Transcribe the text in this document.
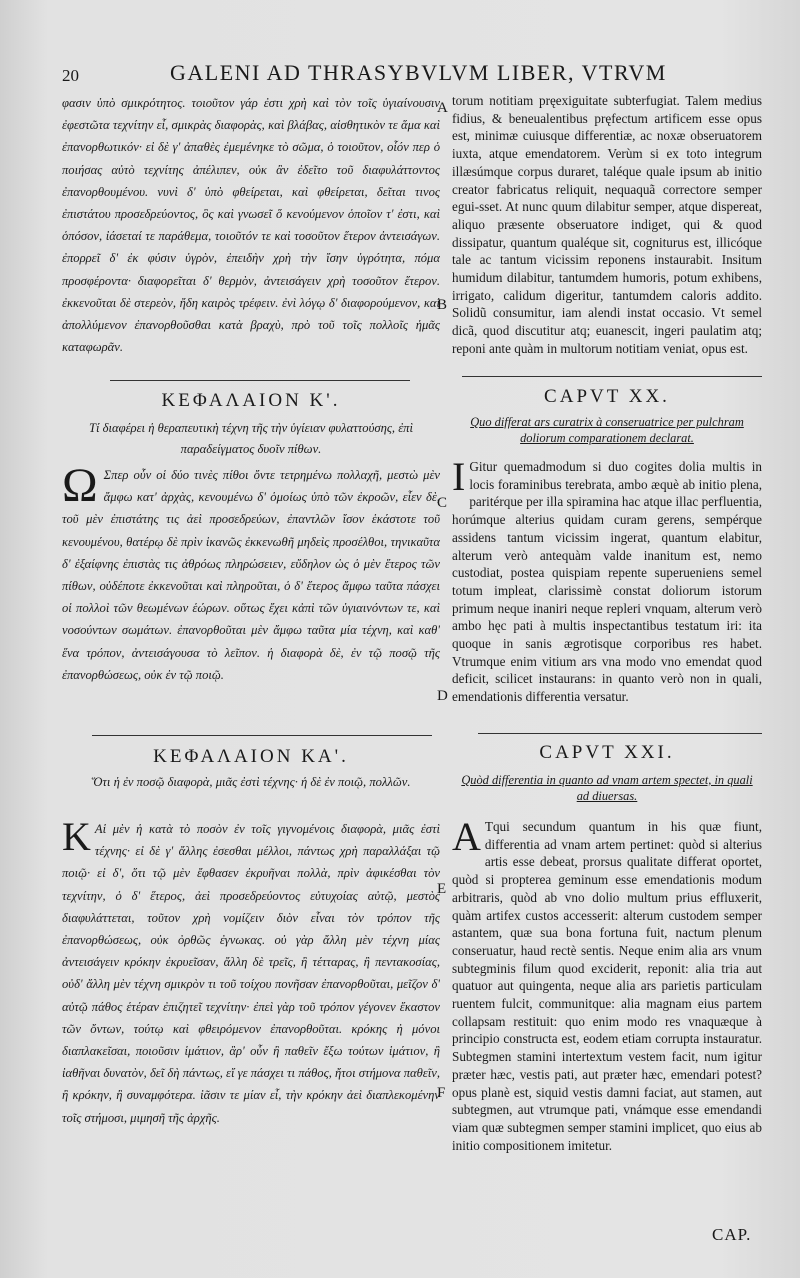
20	GALENI AD THRASYBVLVM LIBER, VTRVM
A
B
C
D
E
F

φασιν ὑπὸ σμικρότητος. τοιοῦτον γάρ ἐστι χρὴ καὶ τὸν τοῖς ὑγιαίνουσιν ἐφεστῶτα τεχνίτην εἶ, σμικρὰς διαφορὰς, καὶ βλάβας, αἰσθητικὸν τε ἅμα καὶ ἐπανορθωτικόν· εἰ δὲ γ' ἀπαθὲς ἐμεμένηκε τὸ σῶμα, ὁ τοιοῦτον, οἷόν περ ὁ ποιήσας αὐτὸ τεχνίτης ἀπέλιπεν, οὐκ ἂν ἐδεῖτο τοῦ διαφυλάττοντος ἐπανορθουμένου. νυνὶ δ' ὑπὸ φθείρεται, καὶ φθείρεται, δεῖται τινος ἐπιστάτου προσεδρεύοντος, ὃς καὶ γνωσεῖ ὅ κενούμενον ὁποῖον τ' ἐστι, καὶ ὁπόσον, ἰάσεταί τε παράθεμα, τοιοῦτόν τε καὶ τοσοῦτον ἕτερον ἀντεισάγων. ἐπορρεῖ δ' ἐκ φύσιν ὑγρὸν, ἐπειδὴν χρὴ τὴν ἴσην ὑγρότητα, πόμα προσφέροντα· διαφορεῖται δ' θερμὸν, ἀντεισάγειν χρὴ τοσοῦτον ἕτερον. ἐκκενοῦται δὲ στερεὸν, ἤδη καιρὸς τρέφειν. ἐνὶ λόγῳ δ' διαφορούμενον, καὶ ἀπολλύμενον ἐπανορθοῦσθαι κατὰ βραχὺ, πρὸ τοῦ τοῖς πολλοῖς ἡμᾶς καταφωρᾶν.

ΚΕΦΑΛΑΙΟΝ Κ'.
Τί διαφέρει ἡ θεραπευτικὴ τέχνη τῆς τὴν ὑγίειαν φυλαττούσης, ἐπὶ παραδείγματος δυοῖν πίθων.
Ω Σπερ οὖν οἱ δύο τινὲς πίθοι ὄντε τετρημένω πολλαχῆ, μεστὼ μὲν ἄμφω κατ' ἀρχὰς, κενουμένω δ' ὁμοίως ὑπὸ τῶν ἐκροῶν, εἶεν δὲ, τοῦ μὲν ἐπιστάτης τις ἀεὶ προσεδρεύων, ἐπαντλῶν ἴσον ἑκάστοτε τοῦ κενουμένου, θατέρῳ δὲ πρὶν ἱκανῶς ἐκκενωθῆ μηδεὶς προσέλθοι, τηνικαῦτα δ' ἐξαίφνης ἐπιστὰς τις ἀθρόως πληρώσειεν, εὔδηλον ὡς ὁ μὲν ἕτερος τῶν πίθων, οὐδέποτε ἐκκενοῦται καὶ πληροῦται, ὁ δ' ἕτερος ἄμφω ταῦτα πάσχει οἱ πολλοὶ τῶν θεωμένων ἑώρων. οὕτως ἔχει κἀπὶ τῶν ὑγιαινόντων τε, καὶ νοσούντων σωμάτων. ἐπανορθοῦται μὲν ἄμφω ταῦτα μία τέχνη, καὶ καθ' ἕνα τρόπον, ἀντεισάγουσα τὸ λεῖπον. ἡ διαφορὰ δὲ, ἐν τῷ ποσῷ τῆς ἐπανορθώσεως, οὐκ ἐν τῷ ποιῷ.

ΚΕΦΑΛΑΙΟΝ ΚΑ'.
Ὅτι ἡ ἐν ποσῷ διαφορὰ, μιᾶς ἐστὶ τέχνης· ἡ δὲ ἐν ποιῷ, πολλῶν.
Κ Αἱ μὲν ἡ κατὰ τὸ ποσὸν ἐν τοῖς γιγνομένοις διαφορὰ, μιᾶς ἐστὶ τέχνης· εἰ δὲ γ' ἄλλης ἐσεσθαι μέλλοι, πάντως χρὴ παραλλάξαι τῷ ποιῷ· εἰ δ', ὅτι τῷ μὲν ἔφθασεν ἐκρυῆναι πολλὰ, πρὶν ἀφικέσθαι τὸν τεχνίτην, ὁ δ' ἕτερος, ἀεὶ προσεδρεύοντος εὐτυχοίας αὐτῷ, μεστὸς διαφυλάττεται, τοῦτον χρὴ νομίζειν διὸν εἶναι τὸν τρόπον τῆς ἐπανορθώσεως, οὐκ ὀρθῶς ἐγνωκας. οὐ γὰρ ἄλλη μὲν τέχνη μίας ἀντεισάγειν κρόκην ἐκρυεῖσαν, ἄλλη δὲ τρεῖς, ἢ τέτταρας, ἢ πεντακοσίας, οὐδ' ἄλλη μὲν τέχνη σμικρὸν τι τοῦ τοίχου πονῆσαν ἐπανορθοῦται, μεῖζον δ' αὐτῷ πάθος ἑτέραν ἐπιζητεῖ τεχνίτην· ἐπεὶ γὰρ τοῦ τρόπον γέγονεν ἕκαστον τῶν ὄντων, τούτῳ καὶ φθειρόμενον ἐπανορθοῦται. κρόκης ἠ μόνοι διαπλακεῖσαι, ποιοῦσιν ἱμάτιον, ἃρ' οὖν ἢ παθεῖν ἔξω τούτων ἱμάτιον, ἢ ἰαθῆναι δυνατὸν, δεῖ δὴ πάντως, εἴ γε πάσχει τι πάθος, ἤτοι στήμονα παθεῖν, ἢ κρόκην, ἢ συναμφότερα. ἰᾶσιν τε μίαν εἶ, τὴν κρόκην ἀεὶ διαπλεκομένην τοῖς στήμοσι, μιμησῆ τῆς ἀρχῆς.

torum notitiam pręexiguitate subterfugiat. Talem medius fidius, & beneualentibus pręfectum artificem esse opus est, minimæ cuiusque differentiæ, ac noxæ obseruatorem iuxta, atque emendatorem. Verùm si ex toto integrum illæsúmque corpus duraret, taléque quale ipsum ab initio creator fabricatus reliquit, nequaquã correctore semper egui-sset. At nunc quum dilabitur semper, atque dispereat, aliquo præsente obseruatore indiget, qui & quod dissipatur, quantum qualéque sit, cogniturus est, illicóque tale ac tantum vicissim reponens instaurabit. Insitum humidum dilabitur, tantumdem humoris, potum exhibens, irrigato, calidum digeritur, tantumdem caloris addito. Solidũ consumitur, iam alendi instat occasio. Vt semel dicã, quod discutitur atq; euanescit, ingeri paulatim atq; reponi ante quàm in multorum notitiam veniat, opus est.

CAPVT XX.
Quo differat ars curatrix à conseruatrice per pulchram doliorum comparationem declarat.
I Gitur quemadmodum si duo cogites dolia multis in locis foraminibus terebrata, ambo æquè ab initio plena, paritérque per illa spiramina hac atque illac perfluentia, horúmque alterius quidam curam gerens, sempérque assidens tantum vicissim ingerat, quantum elabitur, alterum verò antequàm valde inanitum est, nemo custodiat, postea quispiam repente superueniens semel totum impleat, clarissimè constat doliorum istorum primum neque inaniri neque repleri vnquam, alterum verò ambo hęc pati à multis inspectantibus testatum iri: ita quoque in sanis ægrotisque corporibus res habet. Vtrumque enim vitium ars vna modo vno emendat quod deficit, scilicet instaurans: in quanto verò non in quali, emendationis differentia versatur.

CAPVT XXI.
Quòd differentia in quanto ad vnam artem spectet, in quali ad diuersas.
A Tqui secundum quantum in his quæ fiunt, differentia ad vnam artem pertinet: quòd si alterius artis esse debeat, prorsus qualitate differat oportet, quòd si propterea geminum esse emendationis modum arbitraris, quòd ab vno dolio multum prius effluxerit, quàm artifex custos accesserit: alterum custodem semper astantem, quæ sua bona fortuna fuit, nactum plenum conseruatur, haud rectè sentis. Neque enim alia ars vnum subtegminis filum quod exciderit, reponit: alia tria aut quatuor aut quingenta, neque alia ars parietis particulam ruentem fulcit, communitque: alia magnam eius partem collapsam restituit: quo enim modo res vnaquæque à principio constructa est, eodem etiam corrupta instauratur. Subtegmen stamini intertextum vestem facit, num igitur præter hæc, vestis pati, aut præter hæc, emendari potest? opus planè est, siquid vestis damni faciat, aut stamen, aut subtegmen, aut vtrumque pati, vnámque esse emendandi viam quæ subtegmen semper stamini implicet, quo eius ab initio compositionem imitetur.

CAP.
